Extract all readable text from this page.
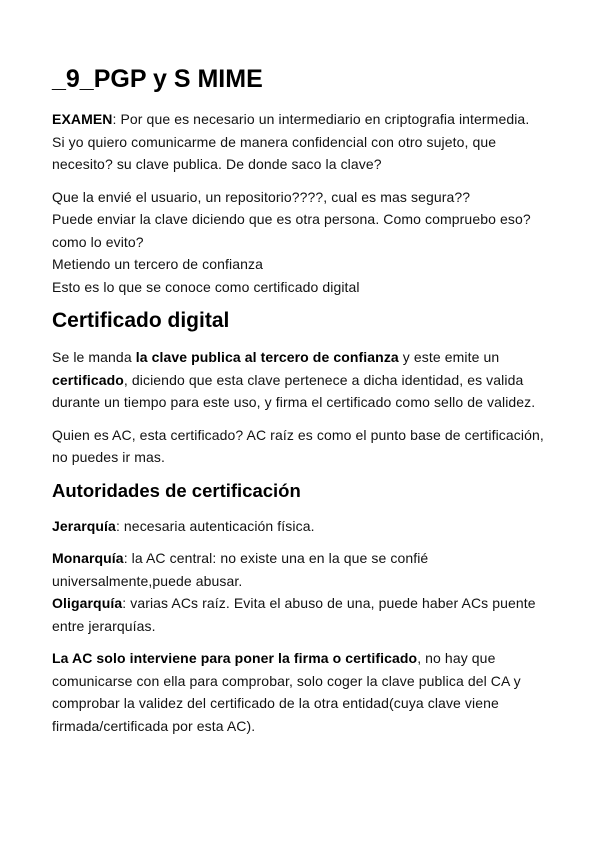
_9_PGP y S MIME

EXAMEN: Por que es necesario un intermediario en criptografia intermedia.
Si yo quiero comunicarme de manera confidencial con otro sujeto, que necesito? su clave publica. De donde saco la clave?

Que la envié el usuario, un repositorio????, cual es mas segura??
Puede enviar la clave diciendo que es otra persona. Como compruebo eso? como lo evito?
Metiendo un tercero de confianza
Esto es lo que se conoce como certificado digital

Certificado digital

Se le manda la clave publica al tercero de confianza y este emite un certificado, diciendo que esta clave pertenece a dicha identidad, es valida durante un tiempo para este uso, y firma el certificado como sello de validez.

Quien es AC, esta certificado? AC raíz es como el punto base de certificación, no puedes ir mas.

Autoridades de certificación

Jerarquía: necesaria autenticación física.

Monarquía: la AC central: no existe una en la que se confié universalmente,puede abusar.
Oligarquía: varias ACs raíz. Evita el abuso de una, puede haber ACs puente entre jerarquías.

La AC solo interviene para poner la firma o certificado, no hay que comunicarse con ella para comprobar, solo coger la clave publica del CA y comprobar la validez del certificado de la otra entidad(cuya clave viene firmada/certificada por esta AC).
